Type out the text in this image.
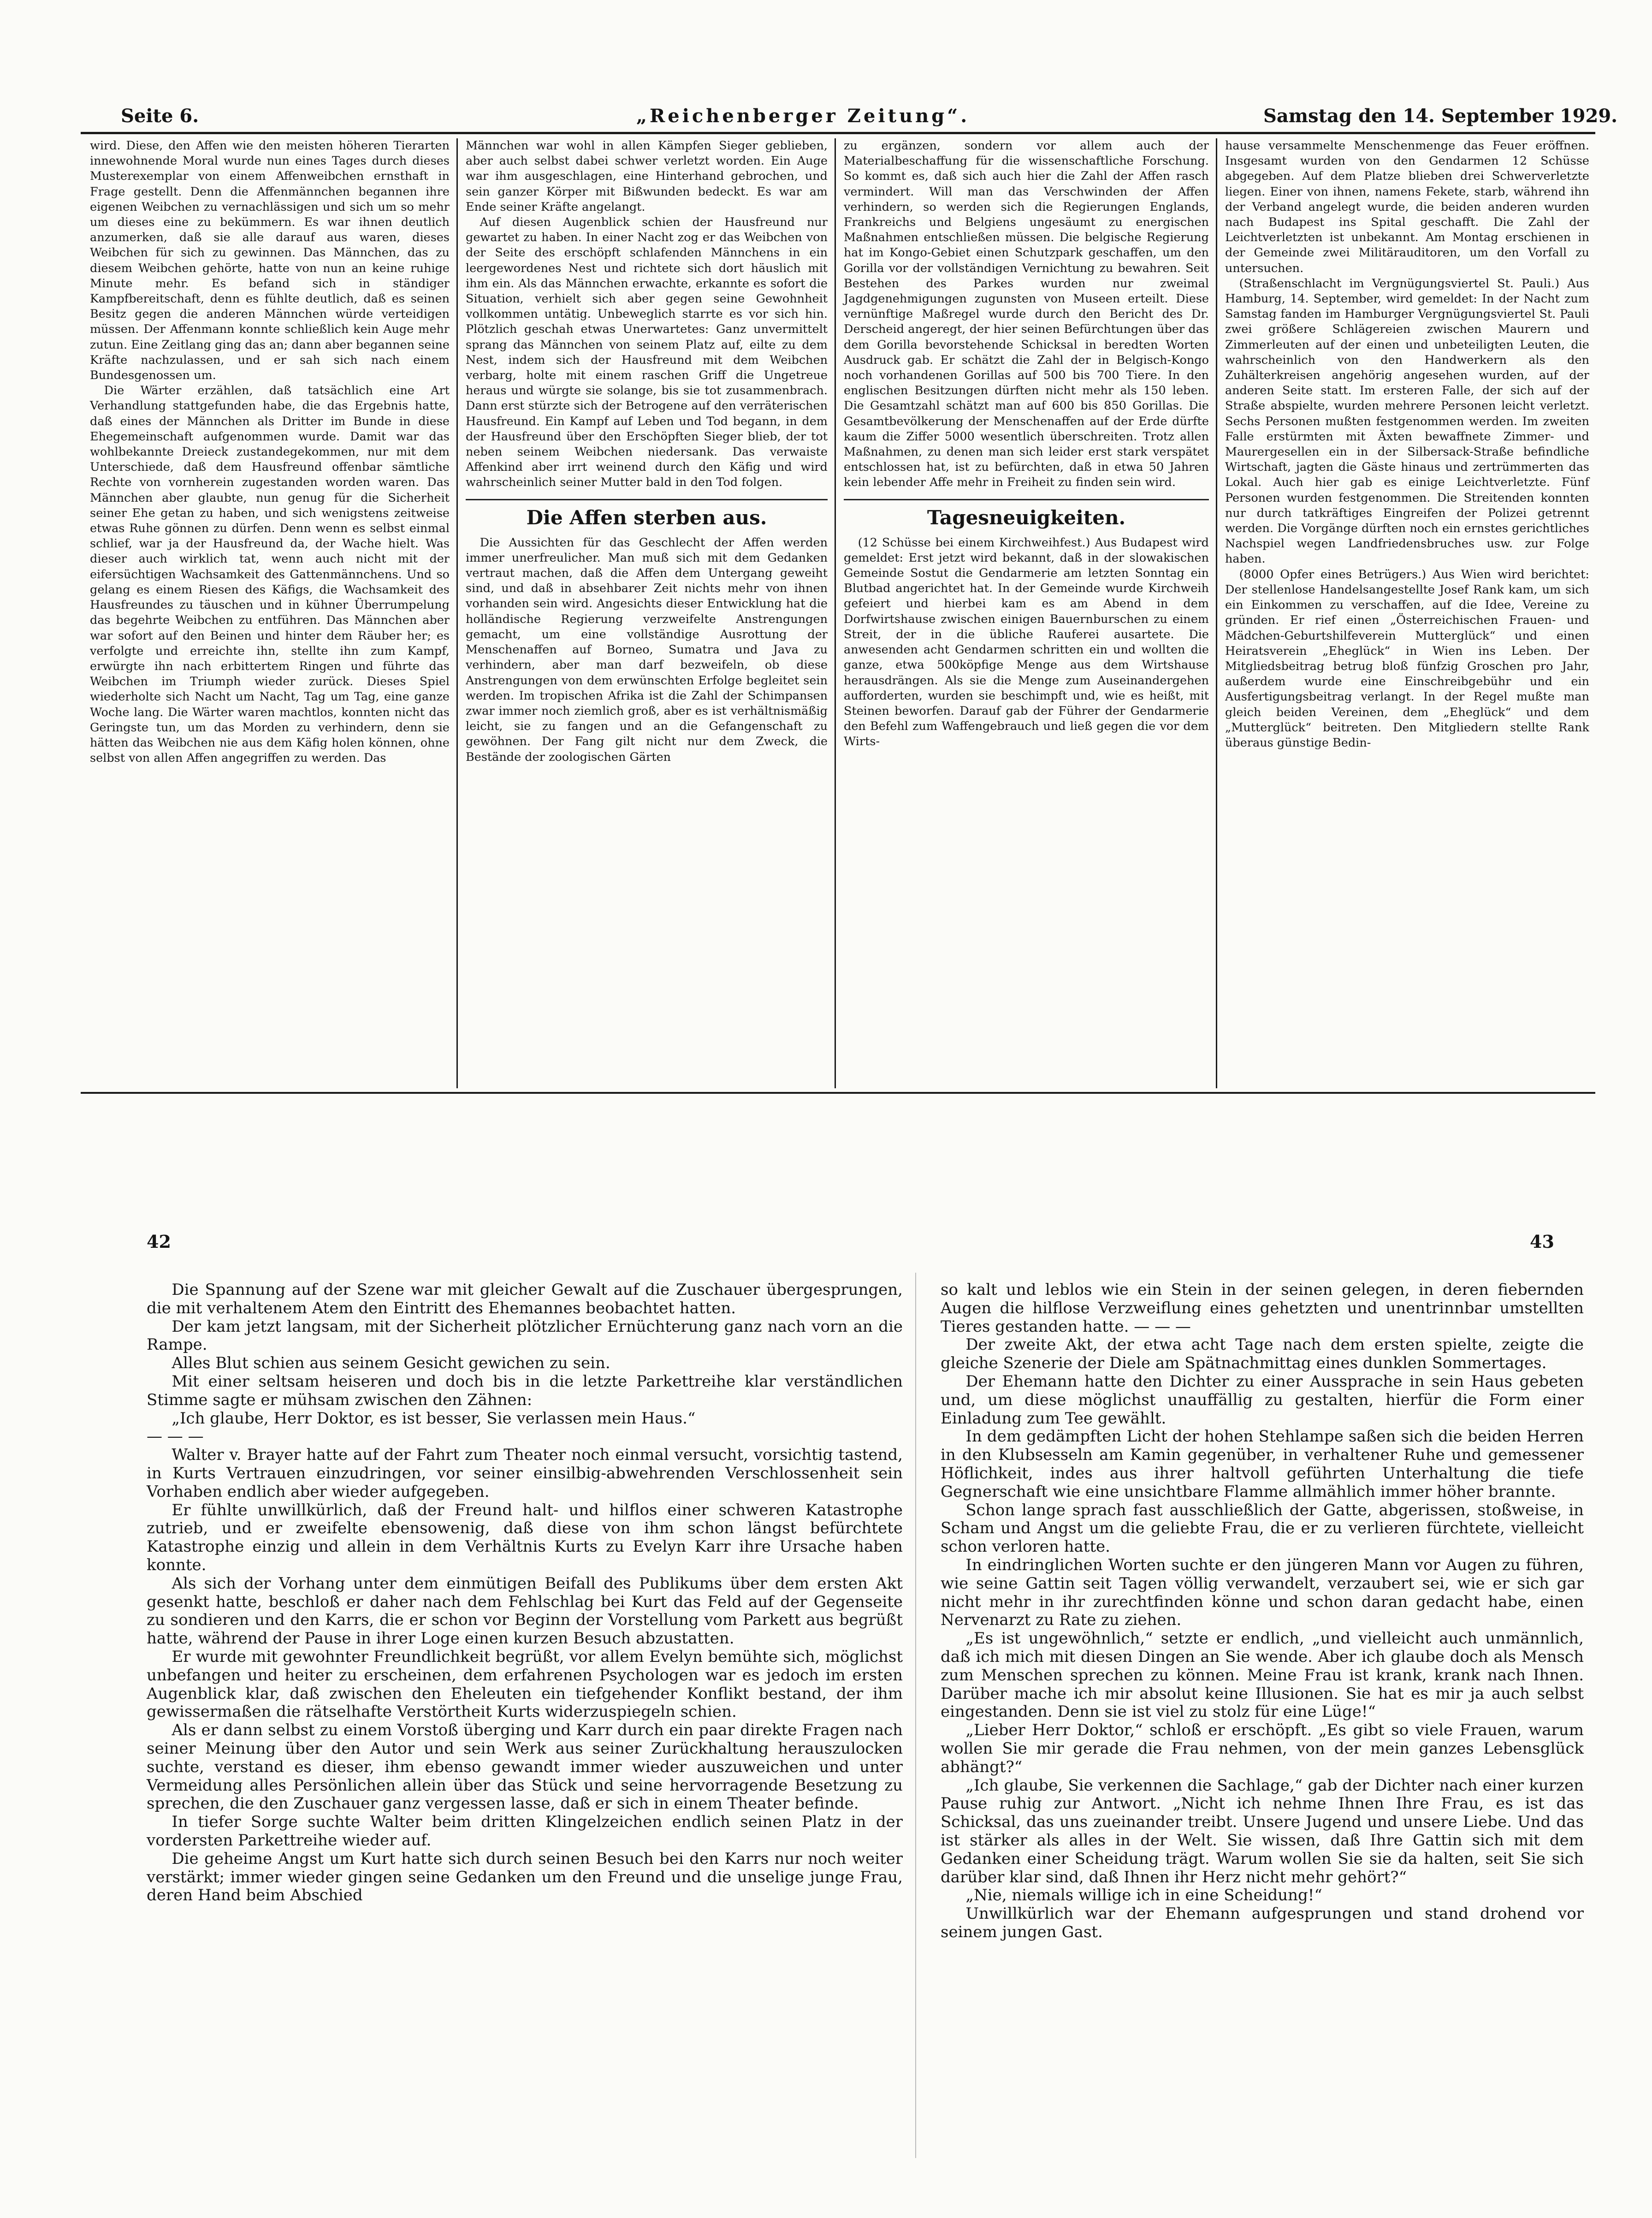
Seite 6.	„Reichenberger Zeitung“.	Samstag den 14. September 1929.

wird. Diese, den Affen wie den meisten höheren Tierarten innewohnende Moral wurde nun eines Tages durch dieses Musterexemplar von einem Affenweibchen ernsthaft in Frage gestellt. Denn die Affenmännchen begannen ihre eigenen Weibchen zu vernachlässigen und sich um so mehr um dieses eine zu bekümmern. Es war ihnen deutlich anzumerken, daß sie alle darauf aus waren, dieses Weibchen für sich zu gewinnen. Das Männchen, das zu diesem Weibchen gehörte, hatte von nun an keine ruhige Minute mehr. Es befand sich in ständiger Kampfbereitschaft, denn es fühlte deutlich, daß es seinen Besitz gegen die anderen Männchen würde verteidigen müssen. Der Affenmann konnte schließlich kein Auge mehr zutun. Eine Zeitlang ging das an; dann aber begannen seine Kräfte nachzulassen, und er sah sich nach einem Bundesgenossen um.

Die Wärter erzählen, daß tatsächlich eine Art Verhandlung stattgefunden habe, die das Ergebnis hatte, daß eines der Männchen als Dritter im Bunde in diese Ehegemeinschaft aufgenommen wurde. Damit war das wohlbekannte Dreieck zustandegekommen, nur mit dem Unterschiede, daß dem Hausfreund offenbar sämtliche Rechte von vornherein zugestanden worden waren. Das Männchen aber glaubte, nun genug für die Sicherheit seiner Ehe getan zu haben, und sich wenigstens zeitweise etwas Ruhe gönnen zu dürfen. Denn wenn es selbst einmal schlief, war ja der Hausfreund da, der Wache hielt. Was dieser auch wirklich tat, wenn auch nicht mit der eifersüchtigen Wachsamkeit des Gattenmännchens. Und so gelang es einem Riesen des Käfigs, die Wachsamkeit des Hausfreundes zu täuschen und in kühner Überrumpelung das begehrte Weibchen zu entführen. Das Männchen aber war sofort auf den Beinen und hinter dem Räuber her; es verfolgte und erreichte ihn, stellte ihn zum Kampf, erwürgte ihn nach erbittertem Ringen und führte das Weibchen im Triumph wieder zurück. Dieses Spiel wiederholte sich Nacht um Nacht, Tag um Tag, eine ganze Woche lang. Die Wärter waren machtlos, konnten nicht das Geringste tun, um das Morden zu verhindern, denn sie hätten das Weibchen nie aus dem Käfig holen können, ohne selbst von allen Affen angegriffen zu werden. Das

Männchen war wohl in allen Kämpfen Sieger geblieben, aber auch selbst dabei schwer verletzt worden. Ein Auge war ihm ausgeschlagen, eine Hinterhand gebrochen, und sein ganzer Körper mit Bißwunden bedeckt. Es war am Ende seiner Kräfte angelangt.

Auf diesen Augenblick schien der Hausfreund nur gewartet zu haben. In einer Nacht zog er das Weibchen von der Seite des erschöpft schlafenden Männchens in ein leergewordenes Nest und richtete sich dort häuslich mit ihm ein. Als das Männchen erwachte, erkannte es sofort die Situation, verhielt sich aber gegen seine Gewohnheit vollkommen untätig. Unbeweglich starrte es vor sich hin. Plötzlich geschah etwas Unerwartetes: Ganz unvermittelt sprang das Männchen von seinem Platz auf, eilte zu dem Nest, indem sich der Hausfreund mit dem Weibchen verbarg, holte mit einem raschen Griff die Ungetreue heraus und würgte sie solange, bis sie tot zusammenbrach. Dann erst stürzte sich der Betrogene auf den verräterischen Hausfreund. Ein Kampf auf Leben und Tod begann, in dem der Hausfreund über den Erschöpften Sieger blieb, der tot neben seinem Weibchen niedersank. Das verwaiste Affenkind aber irrt weinend durch den Käfig und wird wahrscheinlich seiner Mutter bald in den Tod folgen.

Die Affen sterben aus.

Die Aussichten für das Geschlecht der Affen werden immer unerfreulicher. Man muß sich mit dem Gedanken vertraut machen, daß die Affen dem Untergang geweiht sind, und daß in absehbarer Zeit nichts mehr von ihnen vorhanden sein wird. Angesichts dieser Entwicklung hat die holländische Regierung verzweifelte Anstrengungen gemacht, um eine vollständige Ausrottung der Menschenaffen auf Borneo, Sumatra und Java zu verhindern, aber man darf bezweifeln, ob diese Anstrengungen von dem erwünschten Erfolge begleitet sein werden. Im tropischen Afrika ist die Zahl der Schimpansen zwar immer noch ziemlich groß, aber es ist verhältnismäßig leicht, sie zu fangen und an die Gefangenschaft zu gewöhnen. Der Fang gilt nicht nur dem Zweck, die Bestände der zoologischen Gärten

zu ergänzen, sondern vor allem auch der Materialbeschaffung für die wissenschaftliche Forschung. So kommt es, daß sich auch hier die Zahl der Affen rasch vermindert. Will man das Verschwinden der Affen verhindern, so werden sich die Regierungen Englands, Frankreichs und Belgiens ungesäumt zu energischen Maßnahmen entschließen müssen. Die belgische Regierung hat im Kongo-Gebiet einen Schutzpark geschaffen, um den Gorilla vor der vollständigen Vernichtung zu bewahren. Seit Bestehen des Parkes wurden nur zweimal Jagdgenehmigungen zugunsten von Museen erteilt. Diese vernünftige Maßregel wurde durch den Bericht des Dr. Derscheid angeregt, der hier seinen Befürchtungen über das dem Gorilla bevorstehende Schicksal in beredten Worten Ausdruck gab. Er schätzt die Zahl der in Belgisch-Kongo noch vorhandenen Gorillas auf 500 bis 700 Tiere. In den englischen Besitzungen dürften nicht mehr als 150 leben. Die Gesamtzahl schätzt man auf 600 bis 850 Gorillas. Die Gesamtbevölkerung der Menschenaffen auf der Erde dürfte kaum die Ziffer 5000 wesentlich überschreiten. Trotz allen Maßnahmen, zu denen man sich leider erst stark verspätet entschlossen hat, ist zu befürchten, daß in etwa 50 Jahren kein lebender Affe mehr in Freiheit zu finden sein wird.

Tagesneuigkeiten.

(12 Schüsse bei einem Kirchweihfest.) Aus Budapest wird gemeldet: Erst jetzt wird bekannt, daß in der slowakischen Gemeinde Sostut die Gendarmerie am letzten Sonntag ein Blutbad angerichtet hat. In der Gemeinde wurde Kirchweih gefeiert und hierbei kam es am Abend in dem Dorfwirtshause zwischen einigen Bauernburschen zu einem Streit, der in die übliche Rauferei ausartete. Die anwesenden acht Gendarmen schritten ein und wollten die ganze, etwa 500köpfige Menge aus dem Wirtshause herausdrängen. Als sie die Menge zum Auseinandergehen aufforderten, wurden sie beschimpft und, wie es heißt, mit Steinen beworfen. Darauf gab der Führer der Gendarmerie den Befehl zum Waffengebrauch und ließ gegen die vor dem Wirts-

hause versammelte Menschenmenge das Feuer eröffnen. Insgesamt wurden von den Gendarmen 12 Schüsse abgegeben. Auf dem Platze blieben drei Schwerverletzte liegen. Einer von ihnen, namens Fekete, starb, während ihn der Verband angelegt wurde, die beiden anderen wurden nach Budapest ins Spital geschafft. Die Zahl der Leichtverletzten ist unbekannt. Am Montag erschienen in der Gemeinde zwei Militärauditoren, um den Vorfall zu untersuchen.

(Straßenschlacht im Vergnügungsviertel St. Pauli.) Aus Hamburg, 14. September, wird gemeldet: In der Nacht zum Samstag fanden im Hamburger Vergnügungsviertel St. Pauli zwei größere Schlägereien zwischen Maurern und Zimmerleuten auf der einen und unbeteiligten Leuten, die wahrscheinlich von den Handwerkern als den Zuhälterkreisen angehörig angesehen wurden, auf der anderen Seite statt. Im ersteren Falle, der sich auf der Straße abspielte, wurden mehrere Personen leicht verletzt. Sechs Personen mußten festgenommen werden. Im zweiten Falle erstürmten mit Äxten bewaffnete Zimmer- und Maurergesellen ein in der Silbersack-Straße befindliche Wirtschaft, jagten die Gäste hinaus und zertrümmerten das Lokal. Auch hier gab es einige Leichtverletzte. Fünf Personen wurden festgenommen. Die Streitenden konnten nur durch tatkräftiges Eingreifen der Polizei getrennt werden. Die Vorgänge dürften noch ein ernstes gerichtliches Nachspiel wegen Landfriedensbruches usw. zur Folge haben.

(8000 Opfer eines Betrügers.) Aus Wien wird berichtet: Der stellenlose Handelsangestellte Josef Rank kam, um sich ein Einkommen zu verschaffen, auf die Idee, Vereine zu gründen. Er rief einen „Österreichischen Frauen- und Mädchen-Geburtshilfeverein Mutterglück“ und einen Heiratsverein „Eheglück“ in Wien ins Leben. Der Mitgliedsbeitrag betrug bloß fünfzig Groschen pro Jahr, außerdem wurde eine Einschreibgebühr und ein Ausfertigungsbeitrag verlangt. In der Regel mußte man gleich beiden Vereinen, dem „Eheglück“ und dem „Mutterglück“ beitreten. Den Mitgliedern stellte Rank überaus günstige Bedin-

42	43

Die Spannung auf der Szene war mit gleicher Gewalt auf die Zuschauer übergesprungen, die mit verhaltenem Atem den Eintritt des Ehemannes beobachtet hatten.

Der kam jetzt langsam, mit der Sicherheit plötzlicher Ernüchterung ganz nach vorn an die Rampe.

Alles Blut schien aus seinem Gesicht gewichen zu sein.

Mit einer seltsam heiseren und doch bis in die letzte Parkettreihe klar verständlichen Stimme sagte er mühsam zwischen den Zähnen:

„Ich glaube, Herr Doktor, es ist besser, Sie verlassen mein Haus.“

— — —

Walter v. Brayer hatte auf der Fahrt zum Theater noch einmal versucht, vorsichtig tastend, in Kurts Vertrauen einzudringen, vor seiner einsilbig-abwehrenden Verschlossenheit sein Vorhaben endlich aber wieder aufgegeben.

Er fühlte unwillkürlich, daß der Freund halt- und hilflos einer schweren Katastrophe zutrieb, und er zweifelte ebensowenig, daß diese von ihm schon längst befürchtete Katastrophe einzig und allein in dem Verhältnis Kurts zu Evelyn Karr ihre Ursache haben konnte.

Als sich der Vorhang unter dem einmütigen Beifall des Publikums über dem ersten Akt gesenkt hatte, beschloß er daher nach dem Fehlschlag bei Kurt das Feld auf der Gegenseite zu sondieren und den Karrs, die er schon vor Beginn der Vorstellung vom Parkett aus begrüßt hatte, während der Pause in ihrer Loge einen kurzen Besuch abzustatten.

Er wurde mit gewohnter Freundlichkeit begrüßt, vor allem Evelyn bemühte sich, möglichst unbefangen und heiter zu erscheinen, dem erfahrenen Psychologen war es jedoch im ersten Augenblick klar, daß zwischen den Eheleuten ein tiefgehender Konflikt bestand, der ihm gewissermaßen die rätselhafte Verstörtheit Kurts widerzuspiegeln schien.

Als er dann selbst zu einem Vorstoß überging und Karr durch ein paar direkte Fragen nach seiner Meinung über den Autor und sein Werk aus seiner Zurückhaltung herauszulocken suchte, verstand es dieser, ihm ebenso gewandt immer wieder auszuweichen und unter Vermeidung alles Persönlichen allein über das Stück und seine hervorragende Besetzung zu sprechen, die den Zuschauer ganz vergessen lasse, daß er sich in einem Theater befinde.

In tiefer Sorge suchte Walter beim dritten Klingelzeichen endlich seinen Platz in der vordersten Parkettreihe wieder auf.

Die geheime Angst um Kurt hatte sich durch seinen Besuch bei den Karrs nur noch weiter verstärkt; immer wieder gingen seine Gedanken um den Freund und die unselige junge Frau, deren Hand beim Abschied

so kalt und leblos wie ein Stein in der seinen gelegen, in deren fiebernden Augen die hilflose Verzweiflung eines gehetzten und unentrinnbar umstellten Tieres gestanden hatte. — — —

Der zweite Akt, der etwa acht Tage nach dem ersten spielte, zeigte die gleiche Szenerie der Diele am Spätnachmittag eines dunklen Sommertages.

Der Ehemann hatte den Dichter zu einer Aussprache in sein Haus gebeten und, um diese möglichst unauffällig zu gestalten, hierfür die Form einer Einladung zum Tee gewählt.

In dem gedämpften Licht der hohen Stehlampe saßen sich die beiden Herren in den Klubsesseln am Kamin gegenüber, in verhaltener Ruhe und gemessener Höflichkeit, indes aus ihrer haltvoll geführten Unterhaltung die tiefe Gegnerschaft wie eine unsichtbare Flamme allmählich immer höher brannte.

Schon lange sprach fast ausschließlich der Gatte, abgerissen, stoßweise, in Scham und Angst um die geliebte Frau, die er zu verlieren fürchtete, vielleicht schon verloren hatte.

In eindringlichen Worten suchte er den jüngeren Mann vor Augen zu führen, wie seine Gattin seit Tagen völlig verwandelt, verzaubert sei, wie er sich gar nicht mehr in ihr zurechtfinden könne und schon daran gedacht habe, einen Nervenarzt zu Rate zu ziehen.

„Es ist ungewöhnlich,“ setzte er endlich, „und vielleicht auch unmännlich, daß ich mich mit diesen Dingen an Sie wende. Aber ich glaube doch als Mensch zum Menschen sprechen zu können. Meine Frau ist krank, krank nach Ihnen. Darüber mache ich mir absolut keine Illusionen. Sie hat es mir ja auch selbst eingestanden. Denn sie ist viel zu stolz für eine Lüge!“

„Lieber Herr Doktor,“ schloß er erschöpft. „Es gibt so viele Frauen, warum wollen Sie mir gerade die Frau nehmen, von der mein ganzes Lebensglück abhängt?“

„Ich glaube, Sie verkennen die Sachlage,“ gab der Dichter nach einer kurzen Pause ruhig zur Antwort. „Nicht ich nehme Ihnen Ihre Frau, es ist das Schicksal, das uns zueinander treibt. Unsere Jugend und unsere Liebe. Und das ist stärker als alles in der Welt. Sie wissen, daß Ihre Gattin sich mit dem Gedanken einer Scheidung trägt. Warum wollen Sie sie da halten, seit Sie sich darüber klar sind, daß Ihnen ihr Herz nicht mehr gehört?“

„Nie, niemals willige ich in eine Scheidung!“

Unwillkürlich war der Ehemann aufgesprungen und stand drohend vor seinem jungen Gast.
